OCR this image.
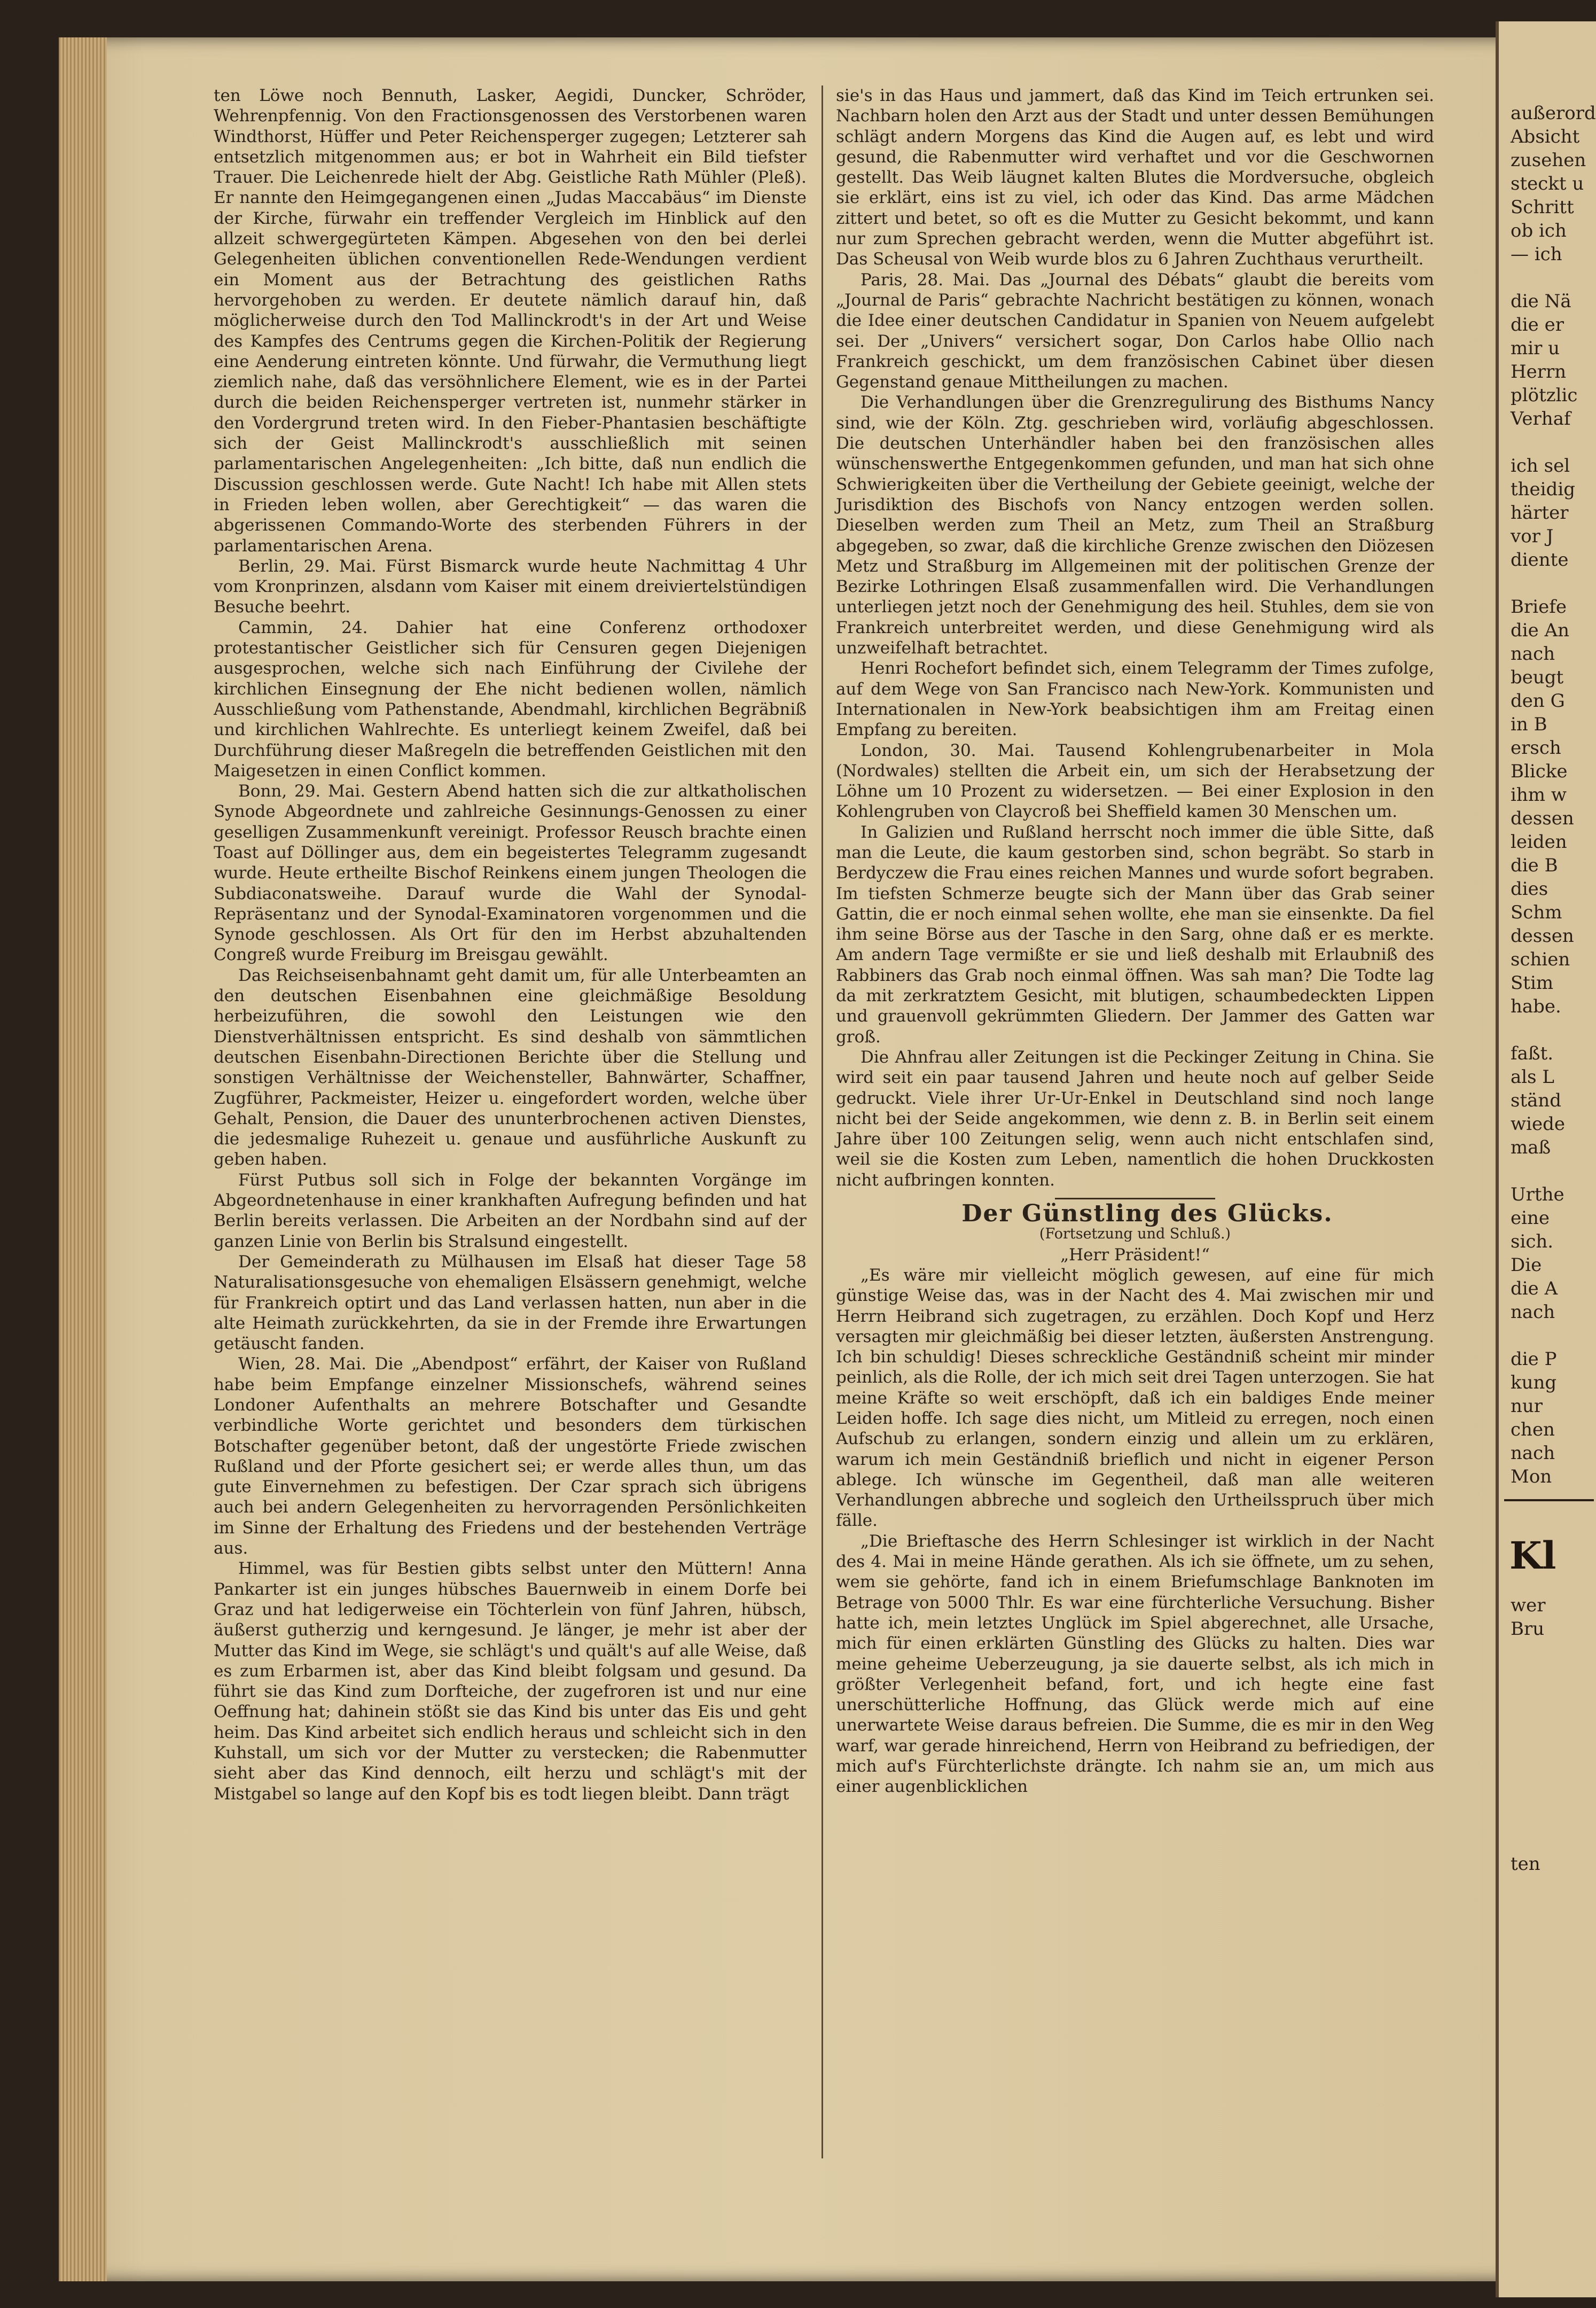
ten Löwe noch Bennuth, Lasker, Aegidi, Duncker, Schröder, Wehrenpfennig. Von den Fractionsgenossen des Verstorbenen waren Windthorst, Hüffer und Peter Reichensperger zugegen; Letzterer sah entsetzlich mitgenommen aus; er bot in Wahrheit ein Bild tiefster Trauer. Die Leichenrede hielt der Abg. Geistliche Rath Mühler (Pleß). Er nannte den Heimgegangenen einen „Judas Maccabäus“ im Dienste der Kirche, fürwahr ein treffender Vergleich im Hinblick auf den allzeit schwergegürteten Kämpen. Abgesehen von den bei derlei Gelegenheiten üblichen conventionellen Rede-Wendungen verdient ein Moment aus der Betrachtung des geistlichen Raths hervorgehoben zu werden. Er deutete nämlich darauf hin, daß möglicherweise durch den Tod Mallinckrodt's in der Art und Weise des Kampfes des Centrums gegen die Kirchen-Politik der Regierung eine Aenderung eintreten könnte. Und fürwahr, die Vermuthung liegt ziemlich nahe, daß das versöhnlichere Element, wie es in der Partei durch die beiden Reichensperger vertreten ist, nunmehr stärker in den Vordergrund treten wird. In den Fieber-Phantasien beschäftigte sich der Geist Mallinckrodt's ausschließlich mit seinen parlamentarischen Angelegenheiten: „Ich bitte, daß nun endlich die Discussion geschlossen werde. Gute Nacht! Ich habe mit Allen stets in Frieden leben wollen, aber Gerechtigkeit“ — das waren die abgerissenen Commando-Worte des sterbenden Führers in der parlamentarischen Arena.

Berlin, 29. Mai. Fürst Bismarck wurde heute Nachmittag 4 Uhr vom Kronprinzen, alsdann vom Kaiser mit einem dreiviertelstündigen Besuche beehrt.

Cammin, 24. Dahier hat eine Conferenz orthodoxer protestantischer Geistlicher sich für Censuren gegen Diejenigen ausgesprochen, welche sich nach Einführung der Civilehe der kirchlichen Einsegnung der Ehe nicht bedienen wollen, nämlich Ausschließung vom Pathenstande, Abendmahl, kirchlichen Begräbniß und kirchlichen Wahlrechte. Es unterliegt keinem Zweifel, daß bei Durchführung dieser Maßregeln die betreffenden Geistlichen mit den Maigesetzen in einen Conflict kommen.

Bonn, 29. Mai. Gestern Abend hatten sich die zur altkatholischen Synode Abgeordnete und zahlreiche Gesinnungs-Genossen zu einer geselligen Zusammenkunft vereinigt. Professor Reusch brachte einen Toast auf Döllinger aus, dem ein begeistertes Telegramm zugesandt wurde. Heute ertheilte Bischof Reinkens einem jungen Theologen die Subdiaconatsweihe. Darauf wurde die Wahl der Synodal-Repräsentanz und der Synodal-Examinatoren vorgenommen und die Synode geschlossen. Als Ort für den im Herbst abzuhaltenden Congreß wurde Freiburg im Breisgau gewählt.

Das Reichseisenbahnamt geht damit um, für alle Unterbeamten an den deutschen Eisenbahnen eine gleichmäßige Besoldung herbeizuführen, die sowohl den Leistungen wie den Dienstverhältnissen entspricht. Es sind deshalb von sämmtlichen deutschen Eisenbahn-Directionen Berichte über die Stellung und sonstigen Verhältnisse der Weichensteller, Bahnwärter, Schaffner, Zugführer, Packmeister, Heizer u. eingefordert worden, welche über Gehalt, Pension, die Dauer des ununterbrochenen activen Dienstes, die jedesmalige Ruhezeit u. genaue und ausführliche Auskunft zu geben haben.

Fürst Putbus soll sich in Folge der bekannten Vorgänge im Abgeordnetenhause in einer krankhaften Aufregung befinden und hat Berlin bereits verlassen. Die Arbeiten an der Nordbahn sind auf der ganzen Linie von Berlin bis Stralsund eingestellt.

Der Gemeinderath zu Mülhausen im Elsaß hat dieser Tage 58 Naturalisationsgesuche von ehemaligen Elsässern genehmigt, welche für Frankreich optirt und das Land verlassen hatten, nun aber in die alte Heimath zurückkehrten, da sie in der Fremde ihre Erwartungen getäuscht fanden.

Wien, 28. Mai. Die „Abendpost“ erfährt, der Kaiser von Rußland habe beim Empfange einzelner Missionschefs, während seines Londoner Aufenthalts an mehrere Botschafter und Gesandte verbindliche Worte gerichtet und besonders dem türkischen Botschafter gegenüber betont, daß der ungestörte Friede zwischen Rußland und der Pforte gesichert sei; er werde alles thun, um das gute Einvernehmen zu befestigen. Der Czar sprach sich übrigens auch bei andern Gelegenheiten zu hervorragenden Persönlichkeiten im Sinne der Erhaltung des Friedens und der bestehenden Verträge aus.

Himmel, was für Bestien gibts selbst unter den Müttern! Anna Pankarter ist ein junges hübsches Bauernweib in einem Dorfe bei Graz und hat ledigerweise ein Töchterlein von fünf Jahren, hübsch, äußerst gutherzig und kerngesund. Je länger, je mehr ist aber der Mutter das Kind im Wege, sie schlägt's und quält's auf alle Weise, daß es zum Erbarmen ist, aber das Kind bleibt folgsam und gesund. Da führt sie das Kind zum Dorfteiche, der zugefroren ist und nur eine Oeffnung hat; dahinein stößt sie das Kind bis unter das Eis und geht heim. Das Kind arbeitet sich endlich heraus und schleicht sich in den Kuhstall, um sich vor der Mutter zu verstecken; die Rabenmutter sieht aber das Kind dennoch, eilt herzu und schlägt's mit der Mistgabel so lange auf den Kopf bis es todt liegen bleibt. Dann trägt

sie's in das Haus und jammert, daß das Kind im Teich ertrunken sei. Nachbarn holen den Arzt aus der Stadt und unter dessen Bemühungen schlägt andern Morgens das Kind die Augen auf, es lebt und wird gesund, die Rabenmutter wird verhaftet und vor die Geschwornen gestellt. Das Weib läugnet kalten Blutes die Mordversuche, obgleich sie erklärt, eins ist zu viel, ich oder das Kind. Das arme Mädchen zittert und betet, so oft es die Mutter zu Gesicht bekommt, und kann nur zum Sprechen gebracht werden, wenn die Mutter abgeführt ist. Das Scheusal von Weib wurde blos zu 6 Jahren Zuchthaus verurtheilt.

Paris, 28. Mai. Das „Journal des Débats“ glaubt die bereits vom „Journal de Paris“ gebrachte Nachricht bestätigen zu können, wonach die Idee einer deutschen Candidatur in Spanien von Neuem aufgelebt sei. Der „Univers“ versichert sogar, Don Carlos habe Ollio nach Frankreich geschickt, um dem französischen Cabinet über diesen Gegenstand genaue Mittheilungen zu machen.

Die Verhandlungen über die Grenzregulirung des Bisthums Nancy sind, wie der Köln. Ztg. geschrieben wird, vorläufig abgeschlossen. Die deutschen Unterhändler haben bei den französischen alles wünschenswerthe Entgegenkommen gefunden, und man hat sich ohne Schwierigkeiten über die Vertheilung der Gebiete geeinigt, welche der Jurisdiktion des Bischofs von Nancy entzogen werden sollen. Dieselben werden zum Theil an Metz, zum Theil an Straßburg abgegeben, so zwar, daß die kirchliche Grenze zwischen den Diözesen Metz und Straßburg im Allgemeinen mit der politischen Grenze der Bezirke Lothringen Elsaß zusammenfallen wird. Die Verhandlungen unterliegen jetzt noch der Genehmigung des heil. Stuhles, dem sie von Frankreich unterbreitet werden, und diese Genehmigung wird als unzweifelhaft betrachtet.

Henri Rochefort befindet sich, einem Telegramm der Times zufolge, auf dem Wege von San Francisco nach New-York. Kommunisten und Internationalen in New-York beabsichtigen ihm am Freitag einen Empfang zu bereiten.

London, 30. Mai. Tausend Kohlengrubenarbeiter in Mola (Nordwales) stellten die Arbeit ein, um sich der Herabsetzung der Löhne um 10 Prozent zu widersetzen. — Bei einer Explosion in den Kohlengruben von Claycroß bei Sheffield kamen 30 Menschen um.

In Galizien und Rußland herrscht noch immer die üble Sitte, daß man die Leute, die kaum gestorben sind, schon begräbt. So starb in Berdyczew die Frau eines reichen Mannes und wurde sofort begraben. Im tiefsten Schmerze beugte sich der Mann über das Grab seiner Gattin, die er noch einmal sehen wollte, ehe man sie einsenkte. Da fiel ihm seine Börse aus der Tasche in den Sarg, ohne daß er es merkte. Am andern Tage vermißte er sie und ließ deshalb mit Erlaubniß des Rabbiners das Grab noch einmal öffnen. Was sah man? Die Todte lag da mit zerkratztem Gesicht, mit blutigen, schaumbedeckten Lippen und grauenvoll gekrümmten Gliedern. Der Jammer des Gatten war groß.

Die Ahnfrau aller Zeitungen ist die Peckinger Zeitung in China. Sie wird seit ein paar tausend Jahren und heute noch auf gelber Seide gedruckt. Viele ihrer Ur-Ur-Enkel in Deutschland sind noch lange nicht bei der Seide angekommen, wie denn z. B. in Berlin seit einem Jahre über 100 Zeitungen selig, wenn auch nicht entschlafen sind, weil sie die Kosten zum Leben, namentlich die hohen Druckkosten nicht aufbringen konnten.

Der Günstling des Glücks.

(Fortsetzung und Schluß.)

„Herr Präsident!“

„Es wäre mir vielleicht möglich gewesen, auf eine für mich günstige Weise das, was in der Nacht des 4. Mai zwischen mir und Herrn Heibrand sich zugetragen, zu erzählen. Doch Kopf und Herz versagten mir gleichmäßig bei dieser letzten, äußersten Anstrengung. Ich bin schuldig! Dieses schreckliche Geständniß scheint mir minder peinlich, als die Rolle, der ich mich seit drei Tagen unterzogen. Sie hat meine Kräfte so weit erschöpft, daß ich ein baldiges Ende meiner Leiden hoffe. Ich sage dies nicht, um Mitleid zu erregen, noch einen Aufschub zu erlangen, sondern einzig und allein um zu erklären, warum ich mein Geständniß brieflich und nicht in eigener Person ablege. Ich wünsche im Gegentheil, daß man alle weiteren Verhandlungen abbreche und sogleich den Urtheilsspruch über mich fälle.

„Die Brieftasche des Herrn Schlesinger ist wirklich in der Nacht des 4. Mai in meine Hände gerathen. Als ich sie öffnete, um zu sehen, wem sie gehörte, fand ich in einem Briefumschlage Banknoten im Betrage von 5000 Thlr. Es war eine fürchterliche Versuchung. Bisher hatte ich, mein letztes Unglück im Spiel abgerechnet, alle Ursache, mich für einen erklärten Günstling des Glücks zu halten. Dies war meine geheime Ueberzeugung, ja sie dauerte selbst, als ich mich in größter Verlegenheit befand, fort, und ich hegte eine fast unerschütterliche Hoffnung, das Glück werde mich auf eine unerwartete Weise daraus befreien. Die Summe, die es mir in den Weg warf, war gerade hinreichend, Herrn von Heibrand zu befriedigen, der mich auf's Fürchterlichste drängte. Ich nahm sie an, um mich aus einer augenblicklichen

außerord
Absicht
zusehen
steckt u
Schritt
ob ich
— ich
die Nä
die er
mir u
Herrn
plötzlic
Verhaf
ich sel
theidig
härter
vor J
diente
Briefe
die An
nach
beugt
den G
in B
ersch
Blicke
ihm w
dessen
leiden
die B
dies
Schm
dessen
schien
Stim
habe.
faßt.
als L
ständ
wiede
maß
Urthe
eine
sich.
Die
die A
nach
die P
kung
nur
chen
nach
Mon
Kl
wer
Bru
ten
